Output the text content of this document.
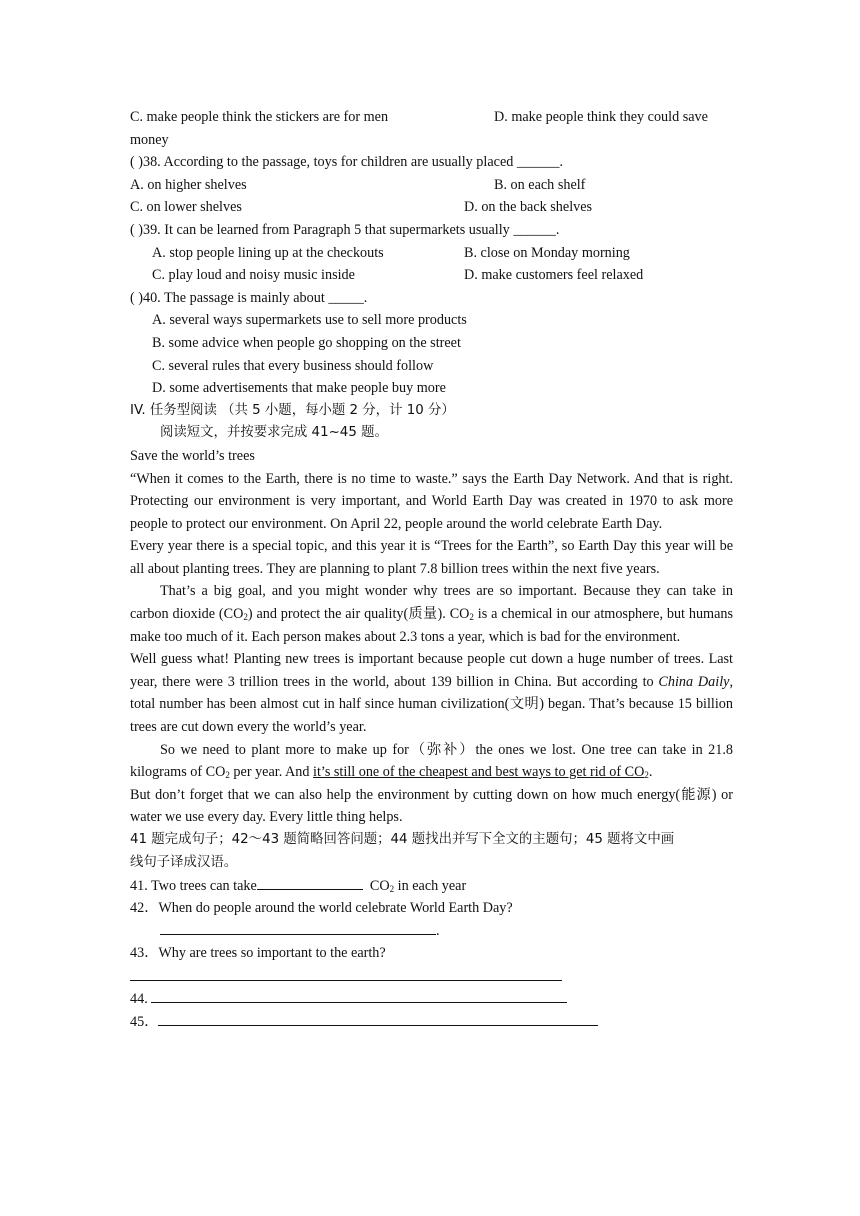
C. make people think the stickers are for men	D. make people think they could save
money
( )38. According to the passage, toys for children are usually placed ______.
A. on higher shelves	B. on each shelf
C. on lower shelves	D. on the back shelves
( )39. It can be learned from Paragraph 5 that supermarkets usually ______.
A. stop people lining up at the checkouts	B. close on Monday morning
C. play loud and noisy music inside	D. make customers feel relaxed
( )40. The passage is mainly about _____.
A. several ways supermarkets use to sell more products
B. some advice when people go shopping on the street
C. several rules that every business should follow
D. some advertisements that make people buy more
IV. 任务型阅读 （共 5 小题，每小题 2 分，计 10 分）
阅读短文，并按要求完成 41~45 题。
Save the world’s trees

“When it comes to the Earth, there is no time to waste.” says the Earth Day Network. And that is right. Protecting our environment is very important, and World Earth Day was created in 1970 to ask more people to protect our environment. On April 22, people around the world celebrate Earth Day.

Every year there is a special topic, and this year it is “Trees for the Earth”, so Earth Day this year will be all about planting trees. They are planning to plant 7.8 billion trees within the next five years.

That’s a big goal, and you might wonder why trees are so important. Because they can take in carbon dioxide $(CO_2)$ and protect the air quality(质量). $CO_2$ is a chemical in our atmosphere, but humans make too much of it. Each person makes about 2.3 tons a year, which is bad for the environment.

Well guess what! Planting new trees is important because people cut down a huge number of trees. Last year, there were 3 trillion trees in the world, about 139 billion in China. But according to China Daily, total number has been almost cut in half since human civilization(文明) began. That’s because 15 billion trees are cut down every the world’s year.

So we need to plant more to make up for（弥补）the ones we lost. One tree can take in 21.8 kilograms of $CO_2$ per year. And it’s still one of the cheapest and best ways to get rid of $CO_2$.

But don’t forget that we can also help the environment by cutting down on how much energy(能源) or water we use every day. Every little thing helps.

41 题完成句子；42～43 题简略回答问题；44 题找出并写下全文的主题句；45 题将文中画
线句子译成汉语。
41. Two trees can take	$CO_2$ in each year
42．When do people around the world celebrate World Earth Day?
.
43．Why are trees so important to the earth?
44.
45．
